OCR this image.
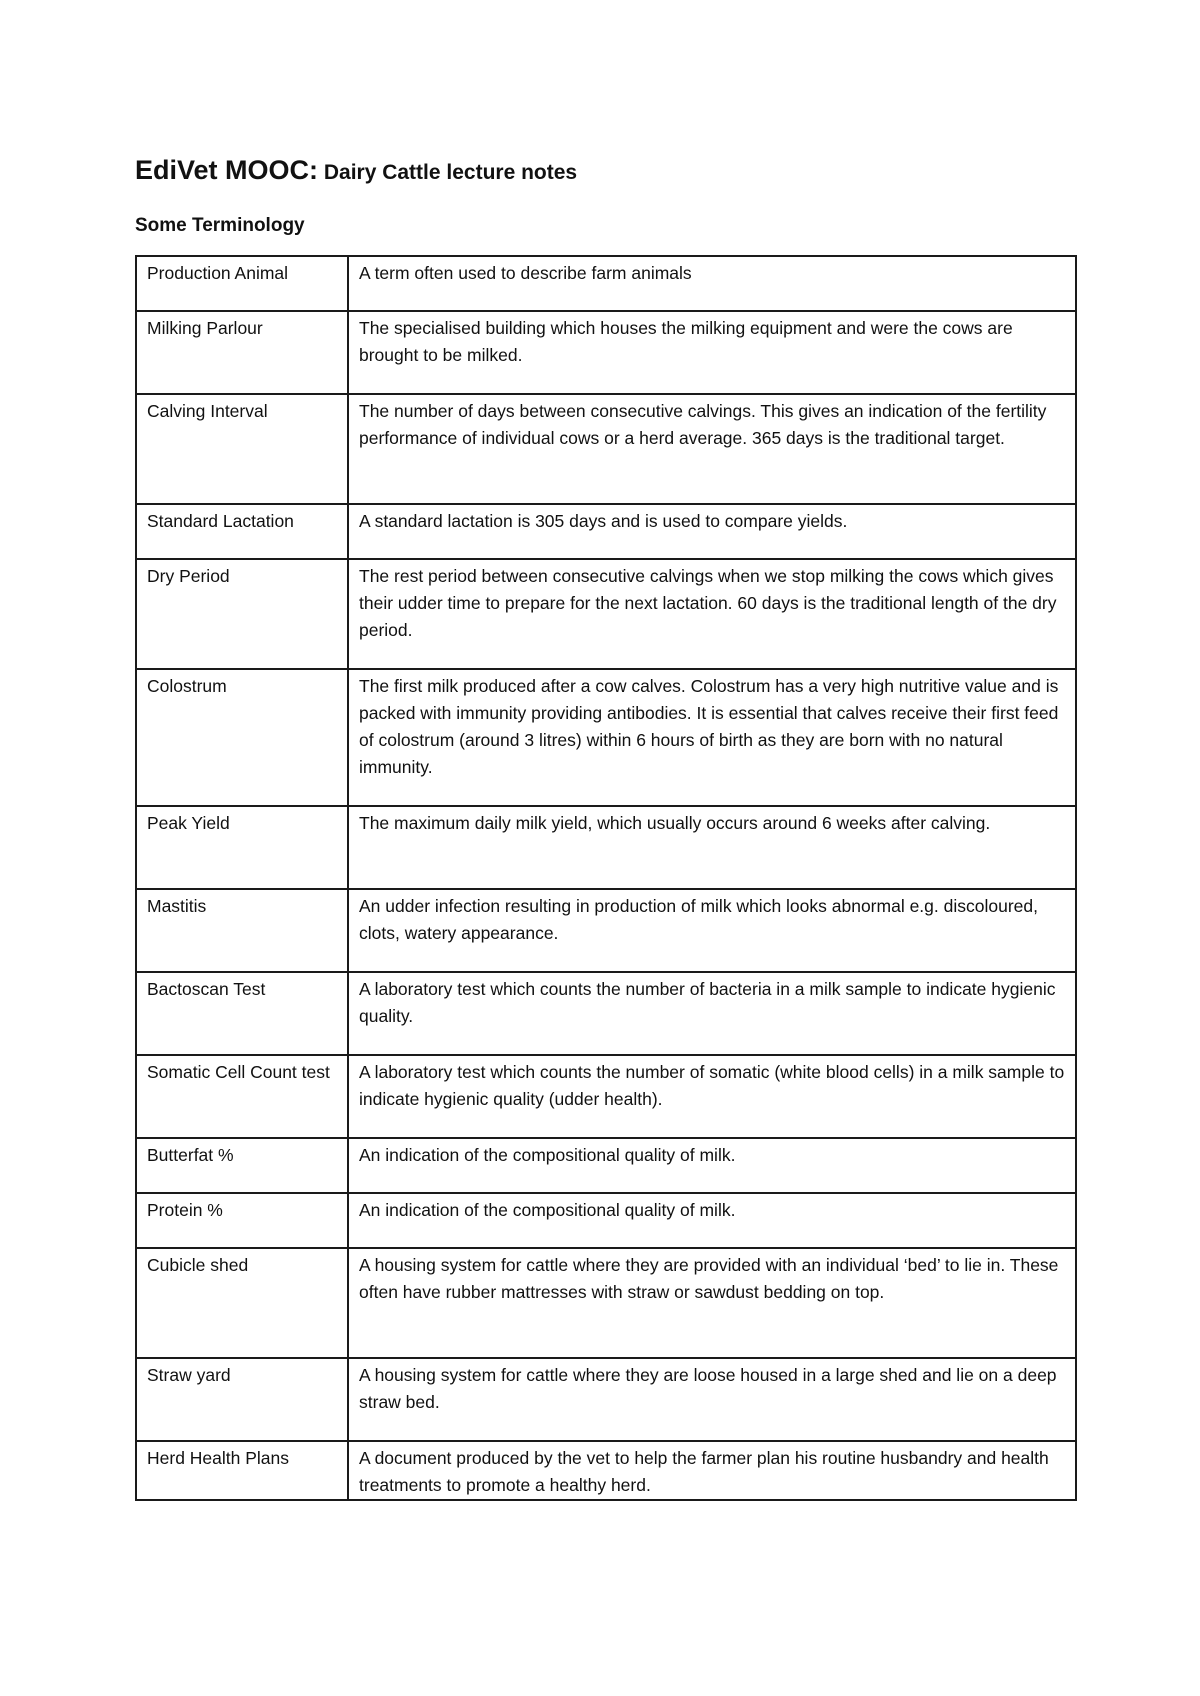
EdiVet MOOC: Dairy Cattle lecture notes
Some Terminology
Production Animal	A term often used to describe farm animals
Milking Parlour	The specialised building which houses the milking equipment and were the cows are brought to be milked.
Calving Interval	The number of days between consecutive calvings. This gives an indication of the fertility performance of individual cows or a herd average. 365 days is the traditional target.
Standard Lactation	A standard lactation is 305 days and is used to compare yields.
Dry Period	The rest period between consecutive calvings when we stop milking the cows which gives their udder time to prepare for the next lactation. 60 days is the traditional length of the dry period.
Colostrum	The first milk produced after a cow calves. Colostrum has a very high nutritive value and is packed with immunity providing antibodies. It is essential that calves receive their first feed of colostrum (around 3 litres) within 6 hours of birth as they are born with no natural immunity.
Peak Yield	The maximum daily milk yield, which usually occurs around 6 weeks after calving.
Mastitis	An udder infection resulting in production of milk which looks abnormal e.g. discoloured, clots, watery appearance.
Bactoscan Test	A laboratory test which counts the number of bacteria in a milk sample to indicate hygienic quality.
Somatic Cell Count test	A laboratory test which counts the number of somatic (white blood cells) in a milk sample to indicate hygienic quality (udder health).
Butterfat %	An indication of the compositional quality of milk.
Protein %	An indication of the compositional quality of milk.
Cubicle shed	A housing system for cattle where they are provided with an individual ‘bed’ to lie in. These often have rubber mattresses with straw or sawdust bedding on top.
Straw yard	A housing system for cattle where they are loose housed in a large shed and lie on a deep straw bed.
Herd Health Plans	A document produced by the vet to help the farmer plan his routine husbandry and health treatments to promote a healthy herd.
